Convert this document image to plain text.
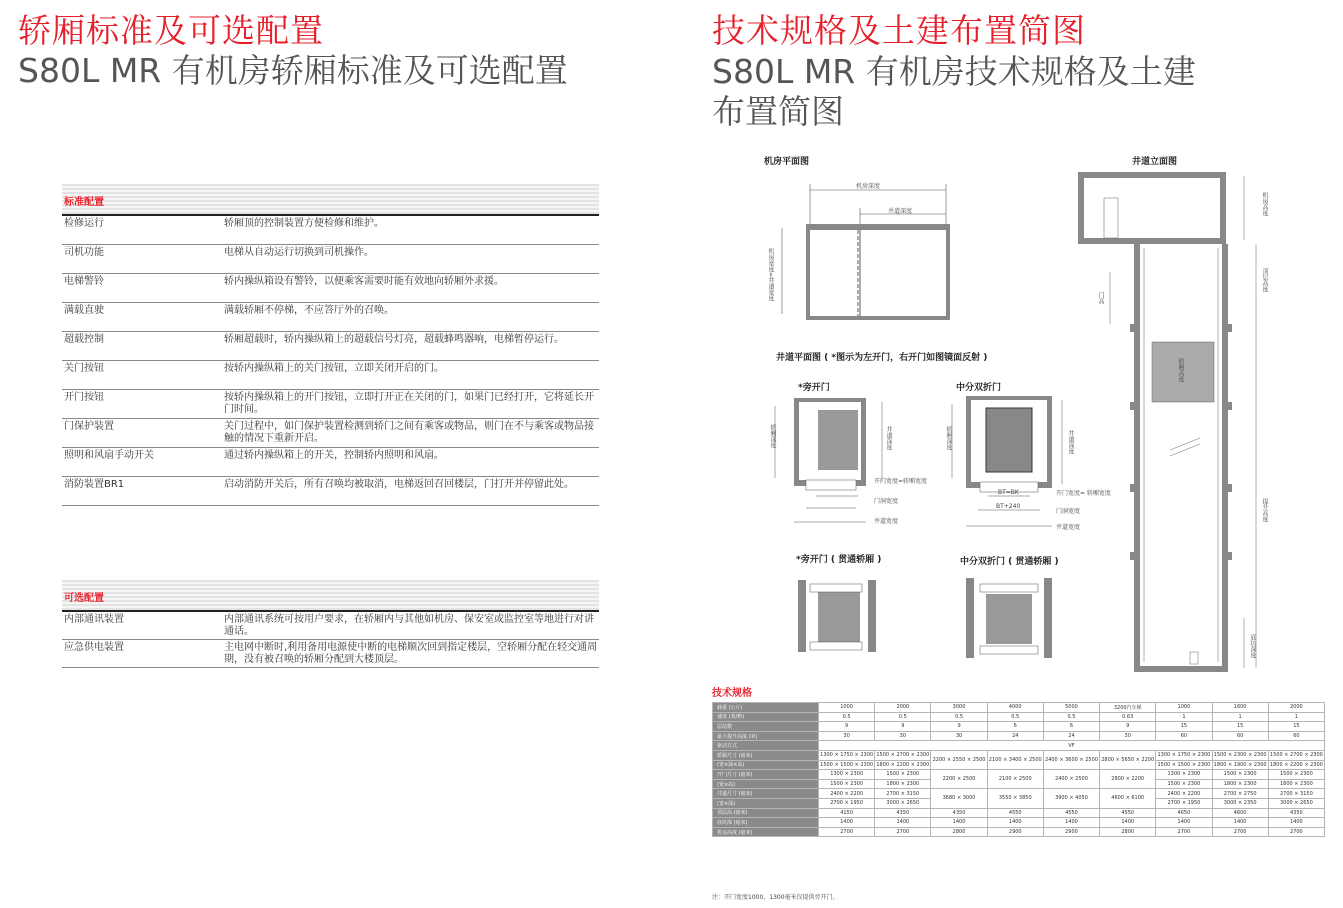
轿厢标准及可选配置
S80L MR 有机房轿厢标准及可选配置
标准配置
检修运行	轿厢顶的控制装置方便检修和维护。
司机功能	电梯从自动运行切换到司机操作。
电梯警铃	轿内操纵箱设有警铃，以便乘客需要时能有效地向轿厢外求援。
满载直驶	满载轿厢不停梯，不应答厅外的召唤。
超载控制	轿厢超载时，轿内操纵箱上的超载信号灯亮，超载蜂鸣器响，电梯暂停运行。
关门按钮	按轿内操纵箱上的关门按钮，立即关闭开启的门。
开门按钮	按轿内操纵箱上的开门按钮，立即打开正在关闭的门，如果门已经打开，它将延长开门时间。
门保护装置	关门过程中，如门保护装置检测到轿门之间有乘客或物品，则门在不与乘客或物品接触的情况下重新开启。
照明和风扇手动开关	通过轿内操纵箱上的开关，控制轿内照明和风扇。
消防装置BR1	启动消防开关后，所有召唤均被取消，电梯返回召回楼层，门打开并停留此处。
可选配置
内部通讯装置	内部通讯系统可按用户要求，在轿厢内与其他如机房、保安室或监控室等地进行对讲通话。
应急供电装置	主电网中断时,利用备用电源使中断的电梯顺次回到指定楼层，空轿厢分配在轻交通周期，没有被召唤的轿厢分配到大楼顶层。
技术规格及土建布置简图
S80L MR 有机房技术规格及土建布置简图
机房平面图
机房深度
井道深度
机房宽度=井道宽度
井道立面图
机房高度
顶层高度
门高
轿厢高度
提升高度
底坑深度
井道平面图 ( *图示为左开门，右开门如图镜面反射 )
*旁开门	中分双折门
轿厢深度	井道深度
开门宽度=轿厢宽度
门洞宽度
井道宽度
轿厢深度	井道深度
BT=BK
BT+240
开门宽度= 轿厢宽度
门洞宽度
井道宽度
*旁开门 ( 贯通轿厢 )	中分双折门 ( 贯通轿厢 )
技术规格
载重 (公斤)	1000	2000	3000	4000	5000	3200汽车梯	1000	1600	2000
速度 (米/秒)	0.5	0.5	0.5	0.5	0.5	0.63	1	1	1
层站数	9	9	9	6	6	9	15	15	15
最大提升高度 (米)	30	30	30	24	24	30	60	60	60
驱动方式	VF								
轿厢尺寸 (毫米)	1300 × 1750 × 2300	1500 × 2700 × 2300	2200 × 2550 × 2500	2100 × 3400 × 2500	2400 × 3600 × 2500	2800 × 5650 × 2200	1300 × 1750 × 2300	1500 × 2300 × 2300	1500 × 2700 × 2300
(宽×深×高)	1500 × 1500 × 2300	1800 × 2200 × 2300					1500 × 1500 × 2300	1800 × 1900 × 2300	1800 × 2200 × 2300
开门尺寸 (毫米)	1300 × 2300	1500 × 2300	2200 × 2500	2100 × 2500	2400 × 2500	2800 × 2200	1300 × 2300	1500 × 2300	1500 × 2300
(宽×高)	1500 × 2300	1800 × 2300					1500 × 2300	1800 × 2300	1800 × 2300
井道尺寸 (毫米)	2400 × 2200	2700 × 3150	3680 × 3000	3550 × 3850	3900 × 4050	4600 × 6100	2400 × 2200	2700 × 2750	2700 × 3150
(宽×深)	2700 × 1950	3000 × 2650					2700 × 1950	3000 × 2350	3000 × 2650
顶层高 (毫米)	4150	4350	4350	4550	4550	4550	4650	4600	4350
底坑深 (毫米)	1400	1400	1400	1400	1400	1400	1400	1400	1400
机房高度 (毫米)	2700	2700	2800	2900	2900	2800	2700	2700	2700
注：开门宽度1000、1300毫米仅提供旁开门。
